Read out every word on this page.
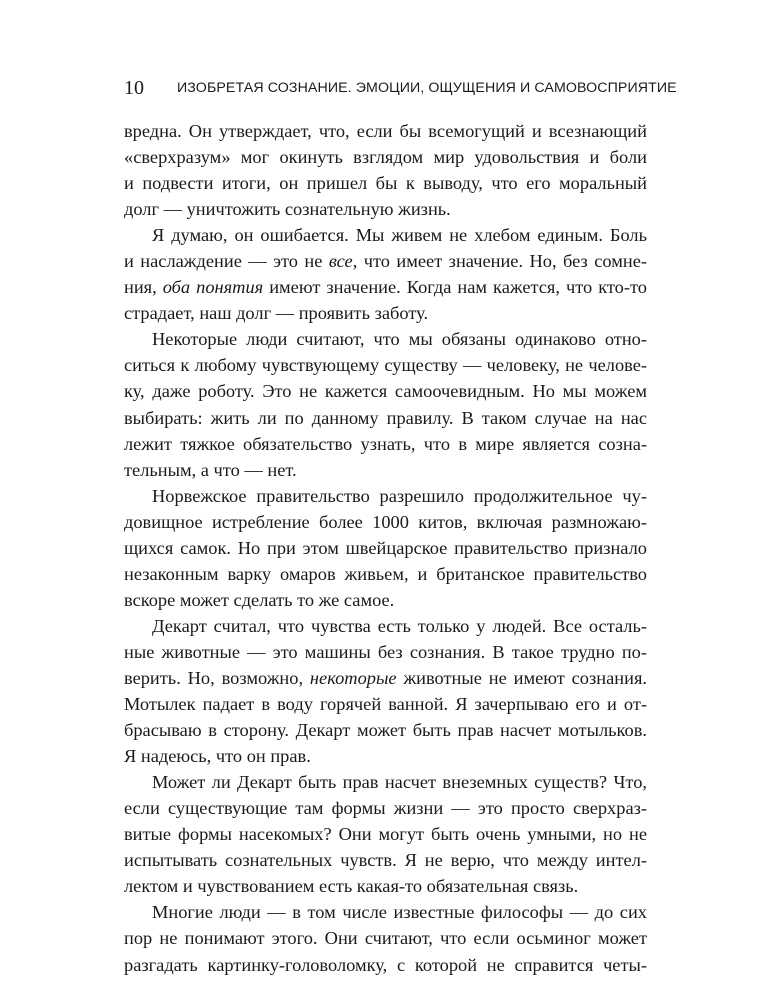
10 ИЗОБРЕТАЯ СОЗНАНИЕ. ЭМОЦИИ, ОЩУЩЕНИЯ И САМОВОСПРИЯТИЕ
вредна. Он утверждает, что, если бы всемогущий и всезнающий
«сверхразум» мог окинуть взглядом мир удовольствия и боли
и подвести итоги, он пришел бы к выводу, что его моральный
долг — уничтожить сознательную жизнь.
Я думаю, он ошибается. Мы живем не хлебом единым. Боль
и наслаждение — это не все, что имеет значение. Но, без сомне-
ния, оба понятия имеют значение. Когда нам кажется, что кто-то
страдает, наш долг — проявить заботу.
Некоторые люди считают, что мы обязаны одинаково отно-
ситься к любому чувствующему существу — человеку, не челове-
ку, даже роботу. Это не кажется самоочевидным. Но мы можем
выбирать: жить ли по данному правилу. В таком случае на нас
лежит тяжкое обязательство узнать, что в мире является созна-
тельным, а что — нет.
Норвежское правительство разрешило продолжительное чу-
довищное истребление более 1000 китов, включая размножаю-
щихся самок. Но при этом швейцарское правительство признало
незаконным варку омаров живьем, и британское правительство
вскоре может сделать то же самое.
Декарт считал, что чувства есть только у людей. Все осталь-
ные животные — это машины без сознания. В такое трудно по-
верить. Но, возможно, некоторые животные не имеют сознания.
Мотылек падает в воду горячей ванной. Я зачерпываю его и от-
брасываю в сторону. Декарт может быть прав насчет мотыльков.
Я надеюсь, что он прав.
Может ли Декарт быть прав насчет внеземных существ? Что,
если существующие там формы жизни — это просто сверхраз-
витые формы насекомых? Они могут быть очень умными, но не
испытывать сознательных чувств. Я не верю, что между интел-
лектом и чувствованием есть какая-то обязательная связь.
Многие люди — в том числе известные философы — до сих
пор не понимают этого. Они считают, что если осьминог может
разгадать картинку-головоломку, с которой не справится четы-
